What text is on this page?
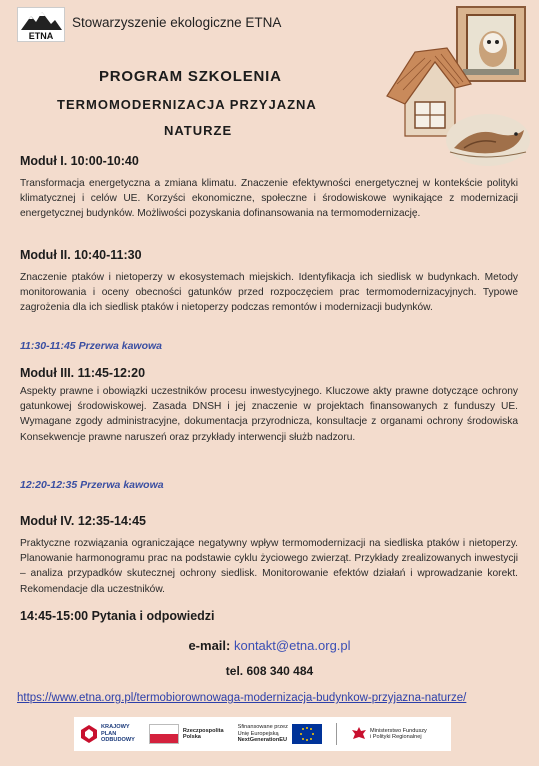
ETNA
Stowarzyszenie ekologiczne ETNA
PROGRAM SZKOLENIA
TERMOMODERNIZACJA PRZYJAZNA
NATURZE
Moduł I. 10:00-10:40
Transformacja energetyczna a zmiana klimatu. Znaczenie efektywności energetycznej w kontekście polityki klimatycznej i celów UE. Korzyści ekonomiczne, społeczne i środowiskowe wynikające z modernizacji energetycznej budynków. Możliwości pozyskania dofinansowania na termomodernizację.
Moduł II. 10:40-11:30
Znaczenie ptaków i nietoperzy w ekosystemach miejskich. Identyfikacja ich siedlisk w budynkach. Metody monitorowania i oceny obecności gatunków przed rozpoczęciem prac termomodernizacyjnych. Typowe zagrożenia dla ich siedlisk ptaków i nietoperzy podczas remontów i modernizacji budynków.
11:30-11:45 Przerwa kawowa
Moduł III. 11:45-12:20
Aspekty prawne i obowiązki uczestników procesu inwestycyjnego. Kluczowe akty prawne dotyczące ochrony gatunkowej środowiskowej. Zasada DNSH i jej znaczenie w projektach finansowanych z funduszy UE. Wymagane zgody administracyjne, dokumentacja przyrodnicza, konsultacje z organami ochrony środowiska Konsekwencje prawne naruszeń oraz przykłady interwencji służb nadzoru.
12:20-12:35 Przerwa kawowa
Moduł IV. 12:35-14:45
Praktyczne rozwiązania ograniczające negatywny wpływ termomodernizacji na siedliska ptaków i nietoperzy. Planowanie harmonogramu prac na podstawie cyklu życiowego zwierząt. Przykłady zrealizowanych inwestycji – analiza przypadków skutecznej ochrony siedlisk. Monitorowanie efektów działań i wprowadzanie korekt. Rekomendacje dla uczestników.
14:45-15:00 Pytania i odpowiedzi
e-mail: kontakt@etna.org.pl
tel. 608 340 484
https://www.etna.org.pl/termobiorownowaga-modernizacja-budynkow-przyjazna-naturze/
KRAJOWY
PLAN
ODBUDOWY
Rzeczpospolita
Polska
Sfinansowane przez
Unię Europejską
NextGenerationEU
Ministerstwo Funduszy
i Polityki Regionalnej
